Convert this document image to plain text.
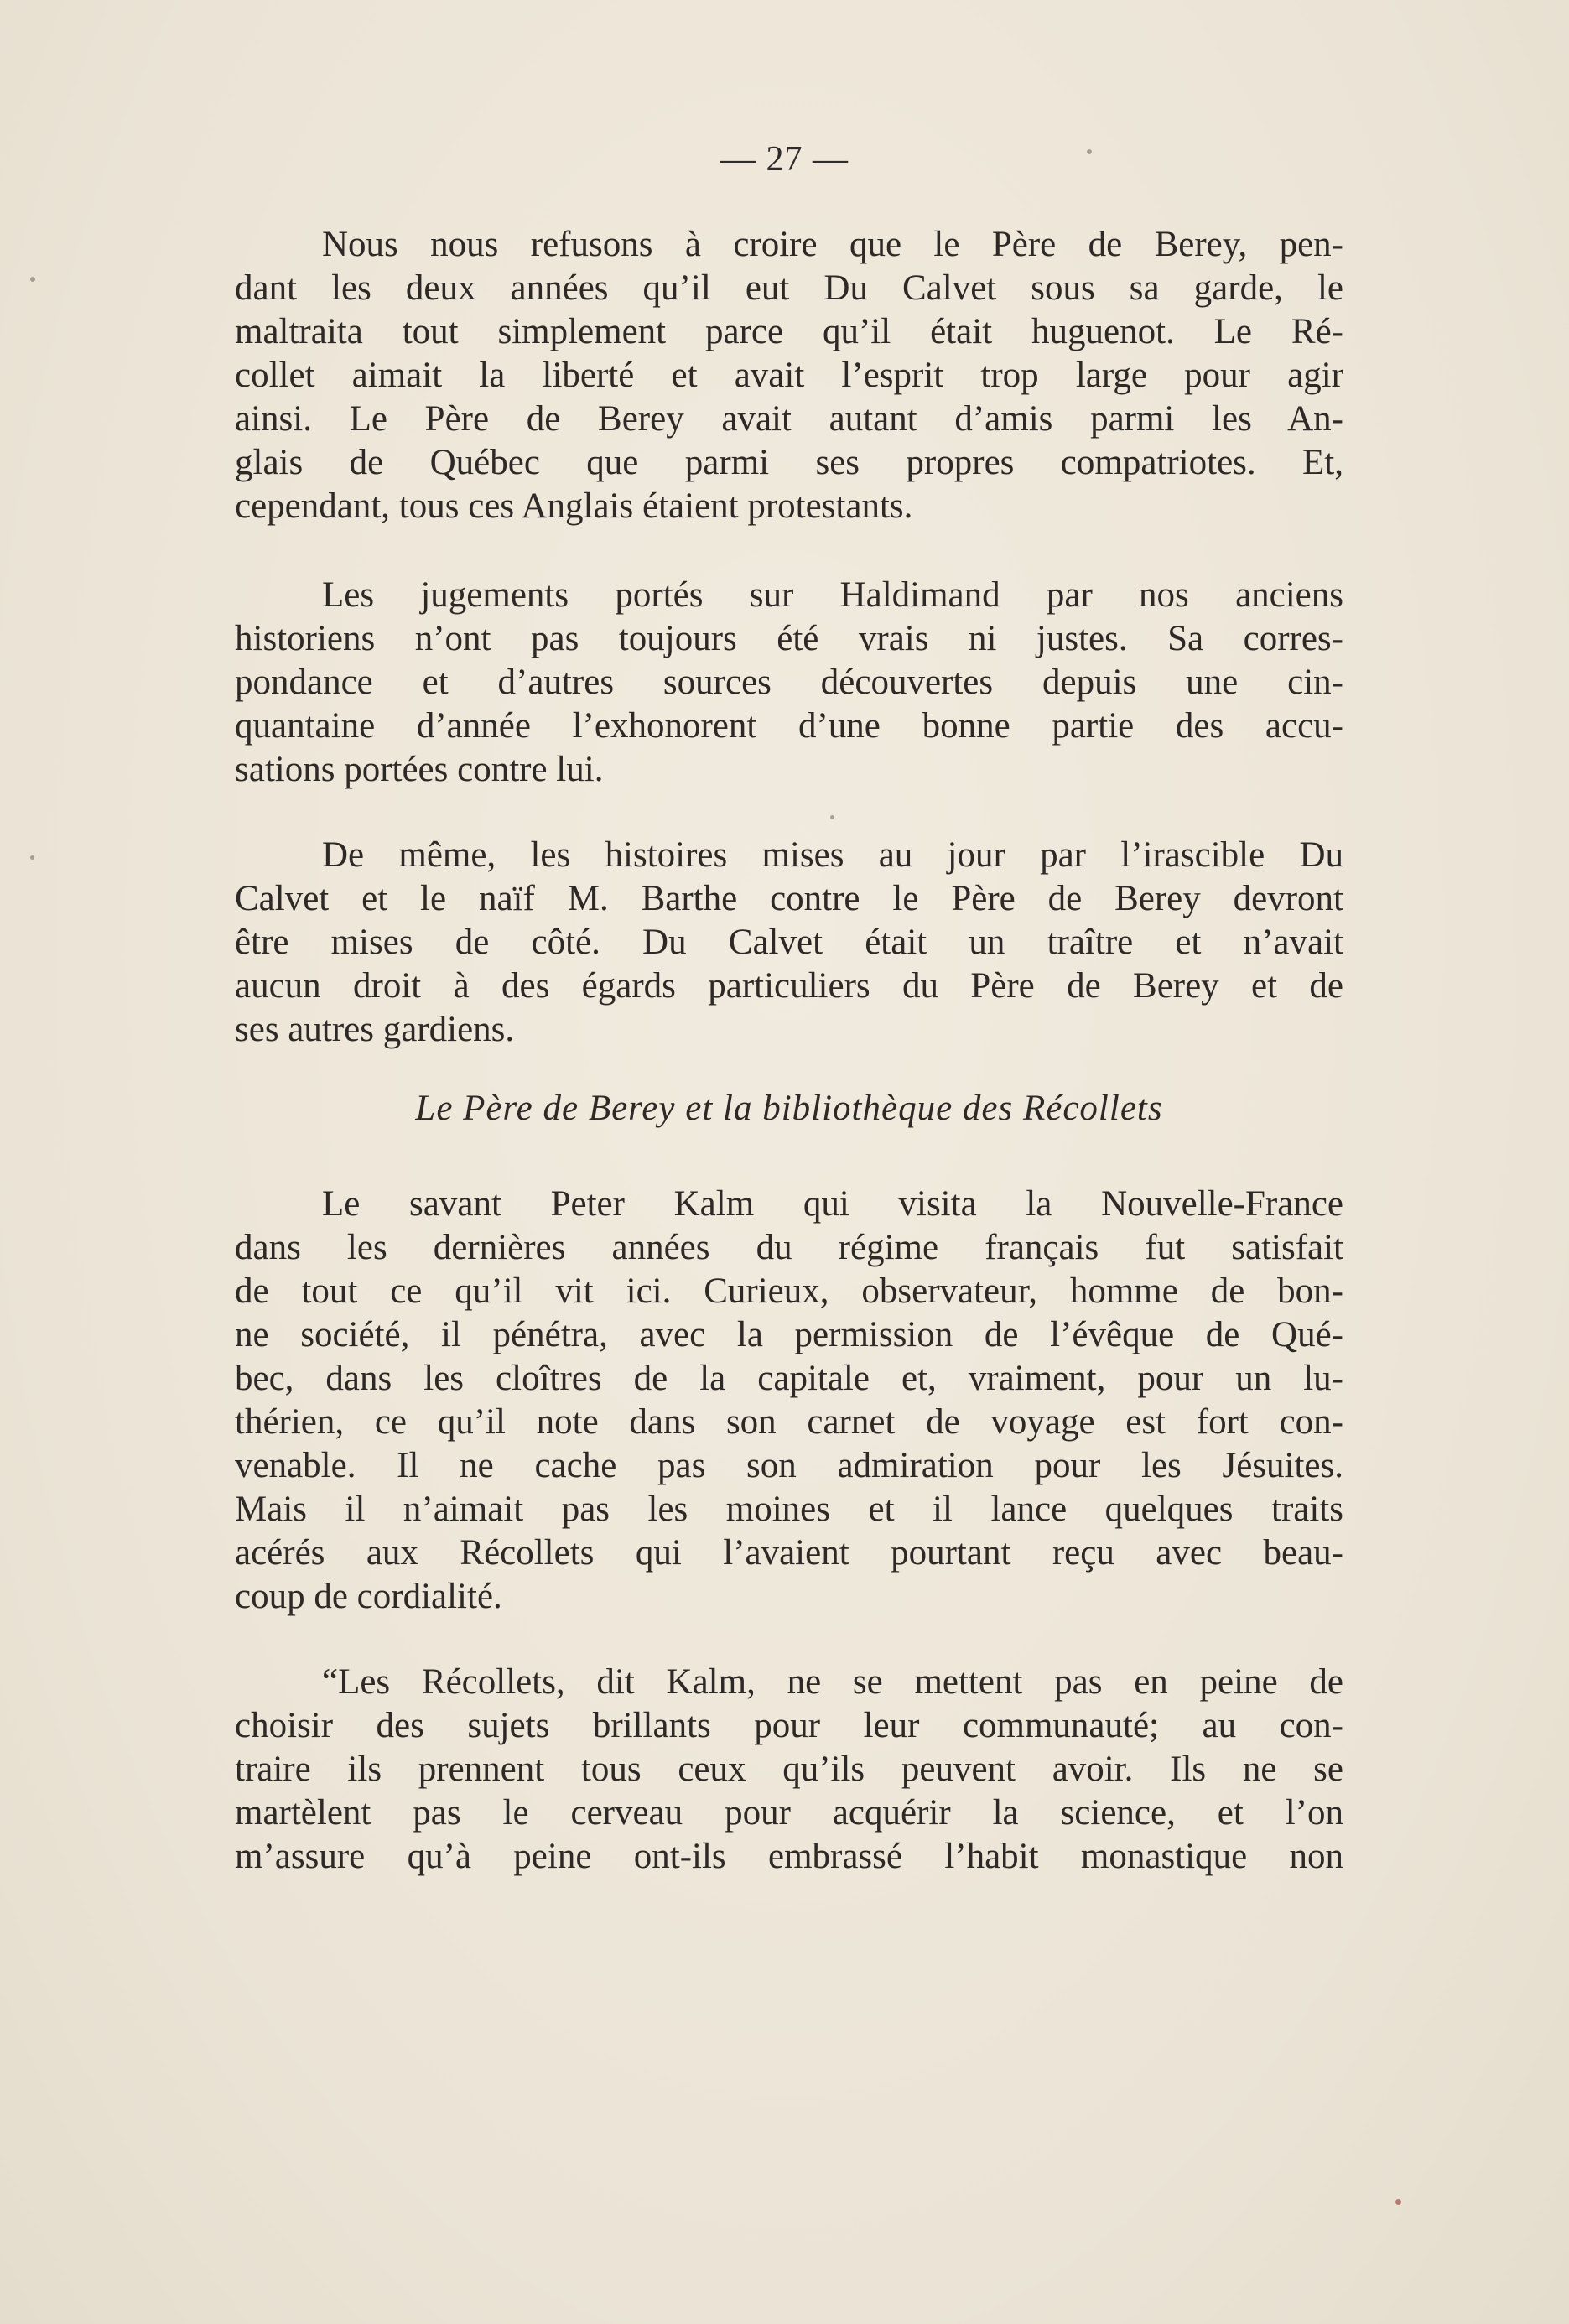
— 27 —
Nous nous refusons à croire que le Père de Berey, pen-
dant les deux années qu’il eut Du Calvet sous sa garde, le
maltraita tout simplement parce qu’il était huguenot. Le Ré-
collet aimait la liberté et avait l’esprit trop large pour agir
ainsi. Le Père de Berey avait autant d’amis parmi les An-
glais de Québec que parmi ses propres compatriotes. Et,
cependant, tous ces Anglais étaient protestants.
Les jugements portés sur Haldimand par nos anciens
historiens n’ont pas toujours été vrais ni justes. Sa corres-
pondance et d’autres sources découvertes depuis une cin-
quantaine d’année l’exhonorent d’une bonne partie des accu-
sations portées contre lui.
De même, les histoires mises au jour par l’irascible Du
Calvet et le naïf M. Barthe contre le Père de Berey devront
être mises de côté. Du Calvet était un traître et n’avait
aucun droit à des égards particuliers du Père de Berey et de
ses autres gardiens.
Le Père de Berey et la bibliothèque des Récollets
Le savant Peter Kalm qui visita la Nouvelle-France
dans les dernières années du régime français fut satisfait
de tout ce qu’il vit ici. Curieux, observateur, homme de bon-
ne société, il pénétra, avec la permission de l’évêque de Qué-
bec, dans les cloîtres de la capitale et, vraiment, pour un lu-
thérien, ce qu’il note dans son carnet de voyage est fort con-
venable. Il ne cache pas son admiration pour les Jésuites.
Mais il n’aimait pas les moines et il lance quelques traits
acérés aux Récollets qui l’avaient pourtant reçu avec beau-
coup de cordialité.
“Les Récollets, dit Kalm, ne se mettent pas en peine de
choisir des sujets brillants pour leur communauté; au con-
traire ils prennent tous ceux qu’ils peuvent avoir. Ils ne se
martèlent pas le cerveau pour acquérir la science, et l’on
m’assure qu’à peine ont-ils embrassé l’habit monastique non
